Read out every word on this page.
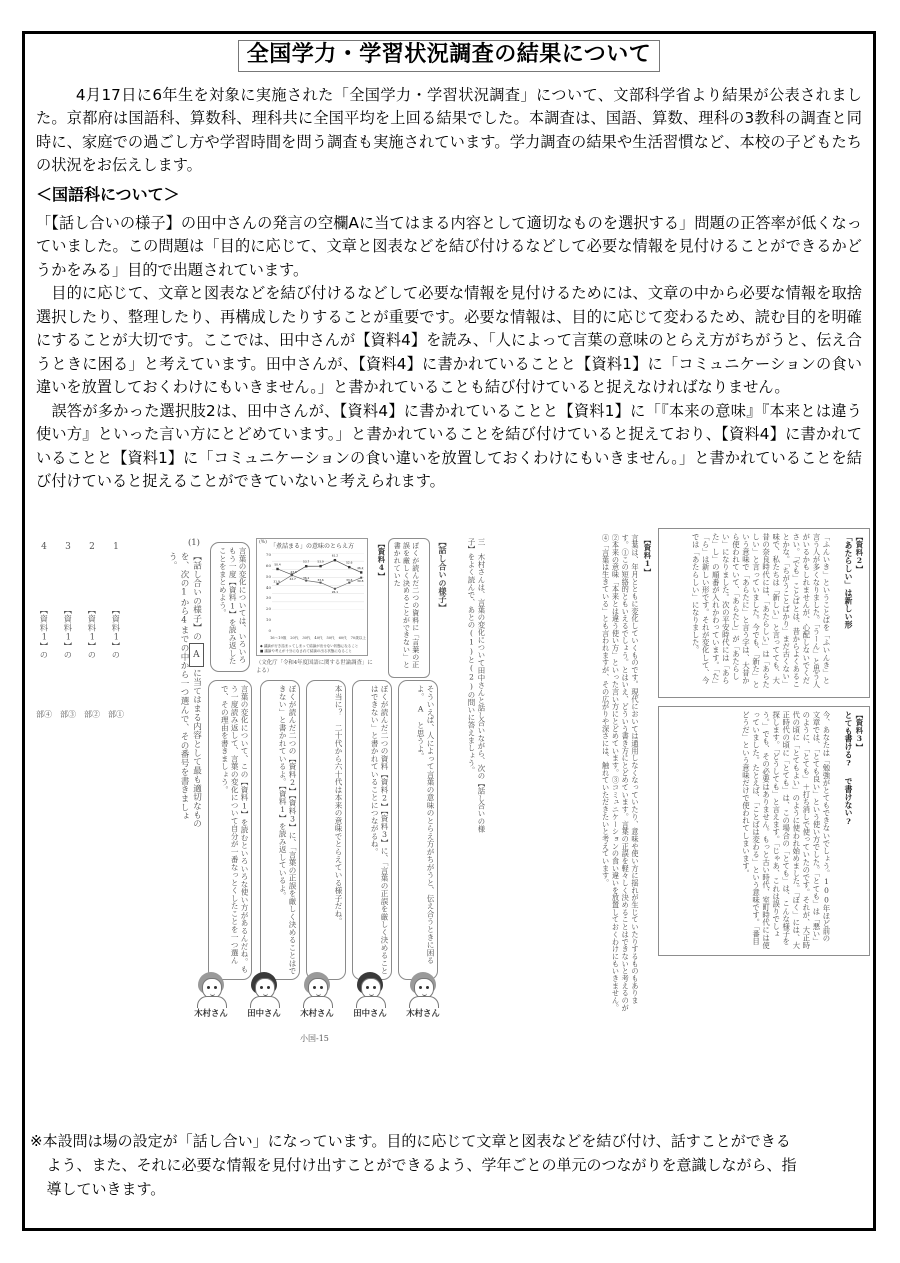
全国学力・学習状況調査の結果について

　4月17日に6年生を対象に実施された「全国学力・学習状況調査」について、文部科学省より結果が公表されました。京都府は国語科、算数科、理科共に全国平均を上回る結果でした。本調査は、国語、算数、理科の3教科の調査と同時に、家庭での過ごし方や学習時間を問う調査も実施されています。学力調査の結果や生活習慣など、本校の子どもたちの状況をお伝えします。

＜国語科について＞

「【話し合いの様子】の田中さんの発言の空欄Aに当てはまる内容として適切なものを選択する」問題の正答率が低くなっていました。この問題は「目的に応じて、文章と図表などを結び付けるなどして必要な情報を見付けることができるかどうかをみる」目的で出題されています。

　目的に応じて、文章と図表などを結び付けるなどして必要な情報を見付けるためには、文章の中から必要な情報を取捨選択したり、整理したり、再構成したりすることが重要です。必要な情報は、目的に応じて変わるため、読む目的を明確にすることが大切です。ここでは、田中さんが【資料4】を読み、「人によって言葉の意味のとらえ方がちがうと、伝え合うときに困る」と考えています。田中さんが、【資料4】に書かれていることと【資料1】に「コミュニケーションの食い違いを放置しておくわけにもいきません。」と書かれていることも結び付けていると捉えなければなりません。

　誤答が多かった選択肢2は、田中さんが、【資料4】に書かれていることと【資料1】に「『本来の意味』『本来とは違う使い方』といった言い方にとどめています。」と書かれていることを結び付けていると捉えており、【資料4】に書かれていることと【資料1】に「コミュニケーションの食い違いを放置しておくわけにもいきません。」と書かれていることを結び付けていると捉えることができていないと考えられます。

4
【資料1】の
部④
3
【資料1】の
部③
2
【資料1】の
部②
1
【資料1】の
部①
(1)
【話し合いの様子】のAに当てはまる内容として最も適切なものを、次の1から4までの中から一つ選んで、その番号を書きましょう。	言葉の変化については、いろいろ　もう一度【資料1】を読み返したことをまとめよう。
(%)
「煮詰まる」の意味のとらえ方
70
60
50
40
30
20
10
0
50.4
43.5
53.7	53.9
61.2
52.6
46.2
31.9
42.7 36.1
33.6
26.1
33.6 39.8
16～19歳 20代 30代 40代 50代 60代 70歳以上
◆ 議論が行き詰まってしまって結論が出せない状態になること
■ 議論や考えが十分になされて結論の出る状態になること
（文化庁「令和4年度国語に関する世論調査」による）
【資料4】	ぼくが読んだ二つの資料に「言葉の正誤を厳しく決めることができない」と書かれていた	【話し合いの様子】
ぼくが読んだ二つの【資料2】【資料3】に、「言葉の正誤を厳しく決めることはできない」と書かれているよ。【資料1】を読み返しているよ。	本当に？　二十代から六十代は本来の意味でとらえている様子だね。	ぼくが読んだ二つの資料【資料2】【資料3】に、「言葉の正誤を厳しく決めることはできない」と書かれていることにつながるね。	そういえば、人によって言葉の意味のとらえ方がちがうと、伝え合うときに困るよ。　A　と思うよ。
言葉の変化について、この【資料1】を読むといろいろな使い方があるんだね。もう一度読み返して、言葉の変化について自分が一番なっとくしたことを一つ選んで、その理由を書きましょう。	三　木村さんは、言葉の変化について田中さんと話し合いながら、次の【話し合いの様子】をよく読んで、あとの(1)と(2)の問いに答えましょう。
木村さん	田中さん	木村さん	田中さん	木村さん
【資料1】
言葉は、年月とともに変化していくものです。現代においては通用しなくなっていたり、意味や使い方に揺れが生じていたりするものもあります。①この短絡的ともいえるでしょう。とはいえ、どういう書き方にとどめています。言葉の正誤を軽々しく決めることはできないと考えるのが②本来の意味「本来とは違う使い方」といった言い方にとどめています。③コミュニケーションの食い違いを放置しておくわけにもいきません。④「言葉は生きている」とも言われますが、その広がりや深さには、触れていただきたいと考えています。	【資料2】
「あたらしい」は新しい形
「ふんいき」ということばを「ふいんき」と言う人が多くなりました。「うーん」と思う人がいるかもしれませんが、心配しないでください。「でも」ことばとは、昔からよくあることかな。「ちがうことばかり」まだ古くない」味で、私たちは「新しい」と言ってても、大昔の奈良時代には、「あたらしい」は「あらたしい」と言っていました。今でも、「新た」という意味で「あらたに」と言う字は、大昔から使われていて、「あらたし」が「あたらしい」になりました。次の平安時代には「あらた」し」の順番が入れかわっています。「た」「ら」は新しい形です。それが変化して、今では「あたらしい」になりました。
【資料3】
とても書ける? で書けない?
今、あなたは「勉強がとてもできないでしょう。100年ほど前の文章では、「とても良い」という使い方でした。「とても」は「悪い」のように、「とても」＋打ち消しで使っていたのです。それが、大正時代の頃に「とてもよい」のように使われ始めました。「ぼく」には、大正時代の頃に「とても」は、この場合の「とても」は、こんな様子を探します。「どうしても」と言えます。「じゃあ、これは誤りでしょう。」でも、その必要はありません。もっと古い時代、室町時代には使っていました。たとえば、「ことばは変わる」という意味です。「番目どうだ」という意味だけで使われてしまいます。
小国-15

※本設問は場の設定が「話し合い」になっています。目的に応じて文章と図表などを結び付け、話すことができる

よう、また、それに必要な情報を見付け出すことができるよう、学年ごとの単元のつながりを意識しながら、指

導していきます。
